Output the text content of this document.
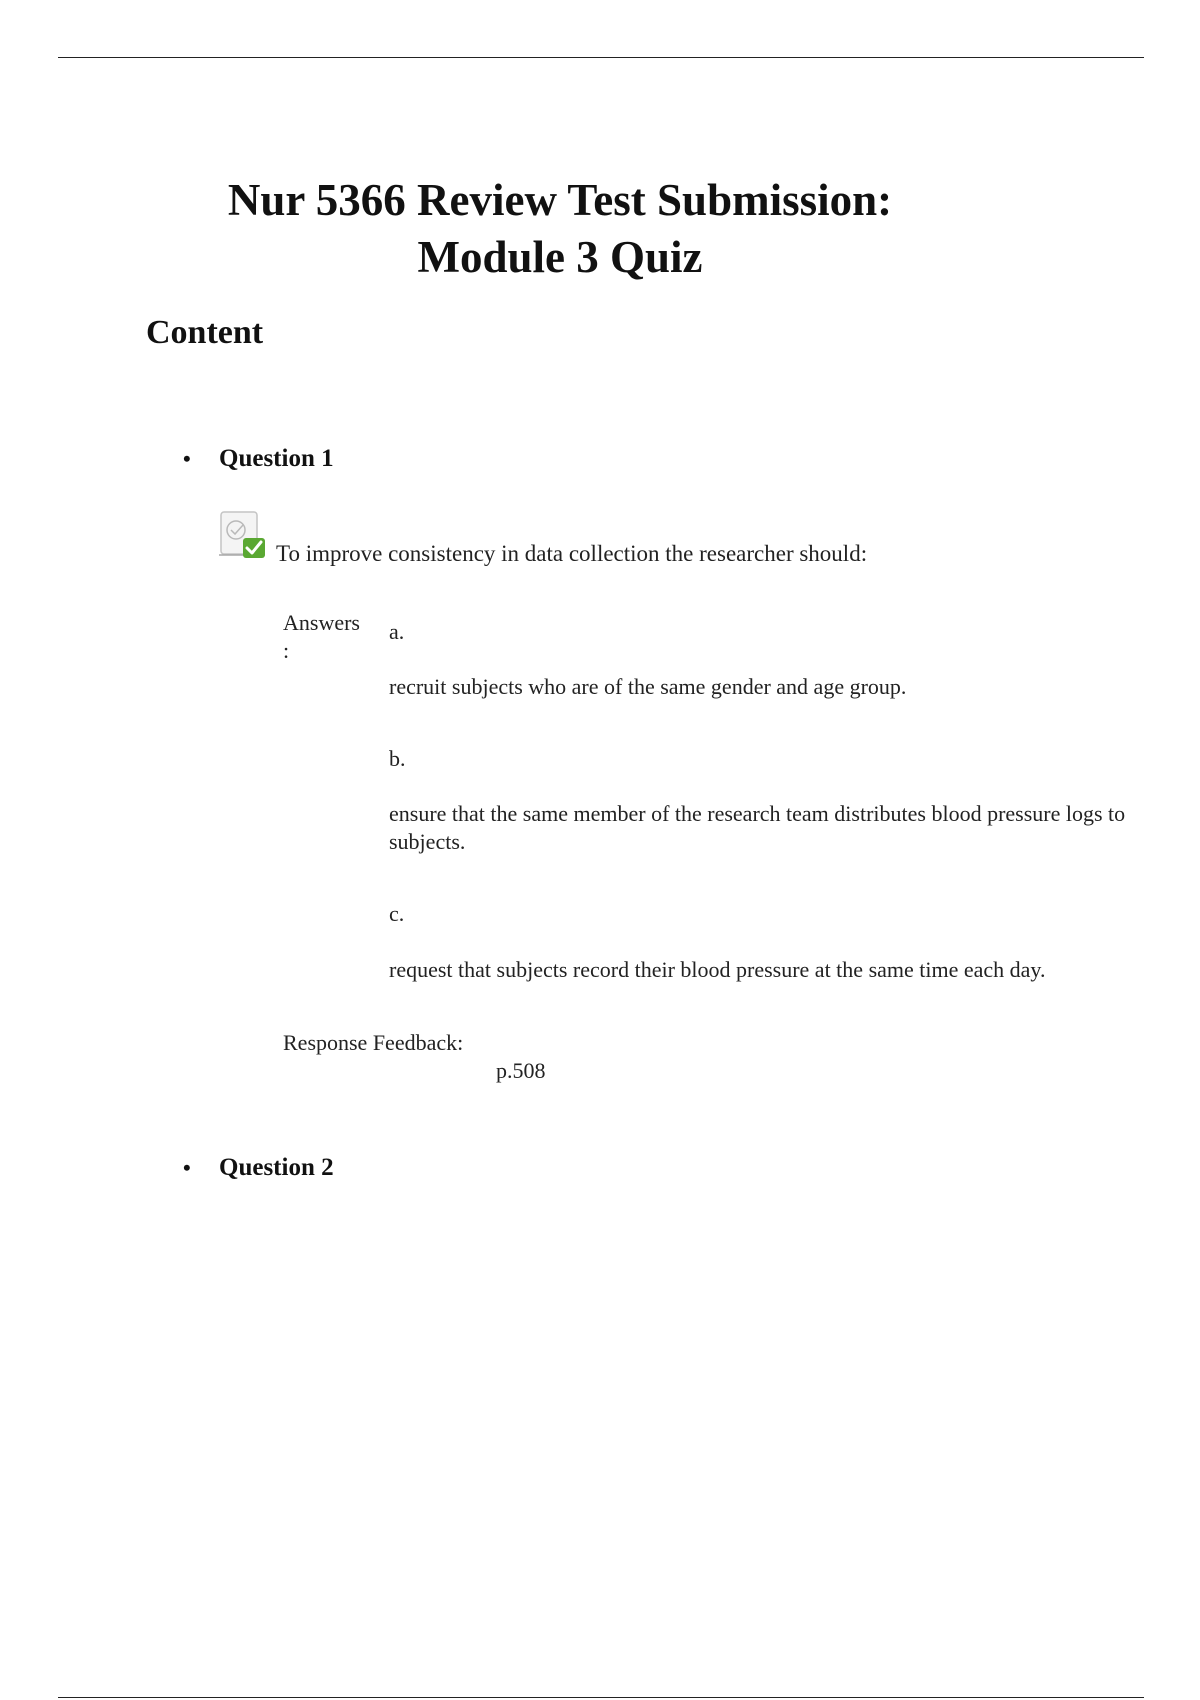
Nur 5366 Review Test Submission:
Module 3 Quiz
Content
• Question 1
To improve consistency in data collection the researcher should:
Answers
:
a.
recruit subjects who are of the same gender and age group.
b.
ensure that the same member of the research team distributes blood pressure logs to subjects.
c.
request that subjects record their blood pressure at the same time each day.
Response Feedback:
p.508
• Question 2
